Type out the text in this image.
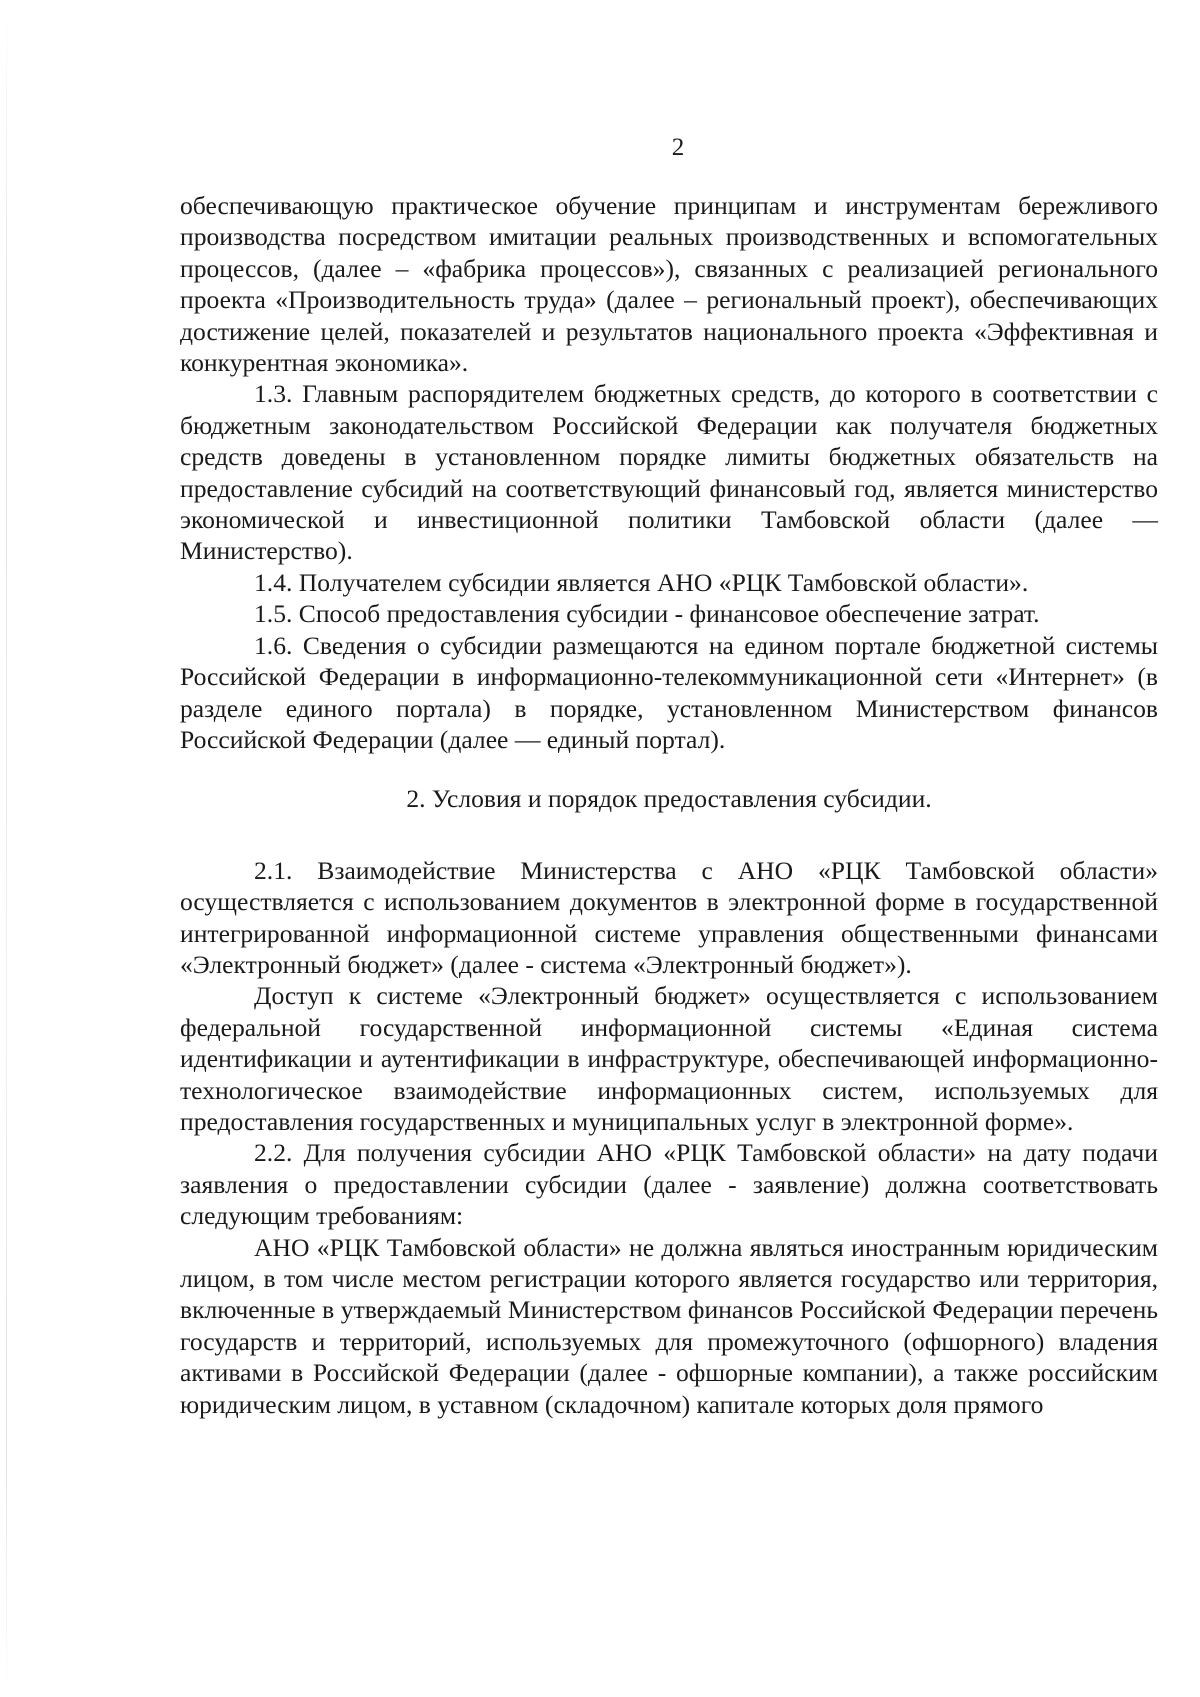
2

обеспечивающую практическое обучение принципам и инструментам бережливого производства посредством имитации реальных производственных и вспомогательных процессов, (далее – «фабрика процессов»), связанных с реализацией регионального проекта «Производительность труда» (далее – региональный проект), обеспечивающих достижение целей, показателей и результатов национального проекта «Эффективная и конкурентная экономика».

1.3. Главным распорядителем бюджетных средств, до которого в соответствии с бюджетным законодательством Российской Федерации как получателя бюджетных средств доведены в установленном порядке лимиты бюджетных обязательств на предоставление субсидий на соответствующий финансовый год, является министерство экономической и инвестиционной политики Тамбовской области (далее — Министерство).

1.4. Получателем субсидии является АНО «РЦК Тамбовской области».

1.5. Способ предоставления субсидии - финансовое обеспечение затрат.

1.6. Сведения о субсидии размещаются на едином портале бюджетной системы Российской Федерации в информационно-телекоммуникационной сети «Интернет» (в разделе единого портала) в порядке, установленном Министерством финансов Российской Федерации (далее — единый портал).

2. Условия и порядок предоставления субсидии.

2.1. Взаимодействие Министерства с АНО «РЦК Тамбовской области» осуществляется с использованием документов в электронной форме в государственной интегрированной информационной системе управления общественными финансами «Электронный бюджет» (далее - система «Электронный бюджет»).

Доступ к системе «Электронный бюджет» осуществляется с использованием федеральной государственной информационной системы «Единая система идентификации и аутентификации в инфраструктуре, обеспечивающей информационно-технологическое взаимодействие информационных систем, используемых для предоставления государственных и муниципальных услуг в электронной форме».

2.2. Для получения субсидии АНО «РЦК Тамбовской области» на дату подачи заявления о предоставлении субсидии (далее - заявление) должна соответствовать следующим требованиям:

АНО «РЦК Тамбовской области» не должна являться иностранным юридическим лицом, в том числе местом регистрации которого является государство или территория, включенные в утверждаемый Министерством финансов Российской Федерации перечень государств и территорий, используемых для промежуточного (офшорного) владения активами в Российской Федерации (далее - офшорные компании), а также российским юридическим лицом, в уставном (складочном) капитале которых доля прямого
